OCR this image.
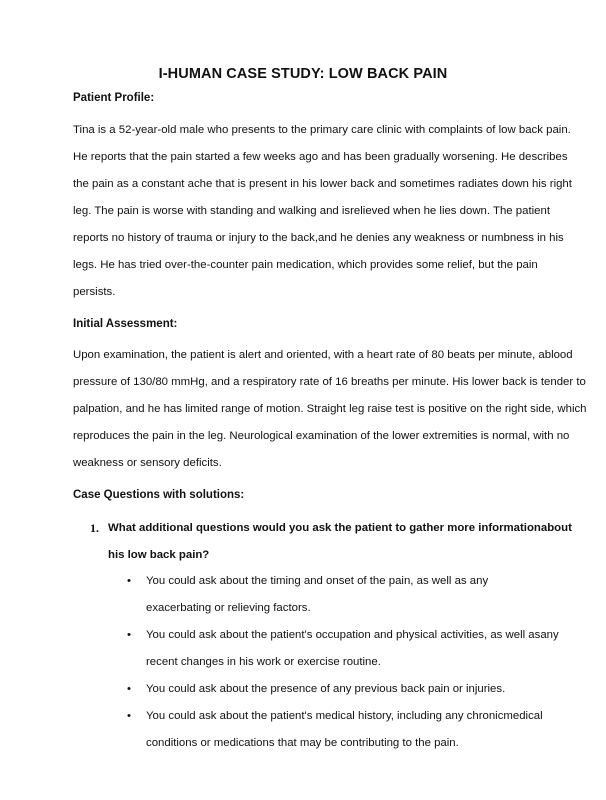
I-HUMAN CASE STUDY: LOW BACK PAIN
Patient Profile:
Tina is a 52-year-old male who presents to the primary care clinic with complaints of low back pain.
He reports that the pain started a few weeks ago and has been gradually worsening. He describes
the pain as a constant ache that is present in his lower back and sometimes radiates down his right
leg. The pain is worse with standing and walking and isrelieved when he lies down. The patient
reports no history of trauma or injury to the back,and he denies any weakness or numbness in his
legs. He has tried over-the-counter pain medication, which provides some relief, but the pain
persists.
Initial Assessment:
Upon examination, the patient is alert and oriented, with a heart rate of 80 beats per minute, ablood
pressure of 130/80 mmHg, and a respiratory rate of 16 breaths per minute. His lower back is tender to
palpation, and he has limited range of motion. Straight leg raise test is positive on the right side, which
reproduces the pain in the leg. Neurological examination of the lower extremities is normal, with no
weakness or sensory deficits.
Case Questions with solutions:
1. What additional questions would you ask the patient to gather more informationabout
his low back pain?
• You could ask about the timing and onset of the pain, as well as any
exacerbating or relieving factors.
• You could ask about the patient's occupation and physical activities, as well asany
recent changes in his work or exercise routine.
• You could ask about the presence of any previous back pain or injuries.
• You could ask about the patient's medical history, including any chronicmedical
conditions or medications that may be contributing to the pain.
